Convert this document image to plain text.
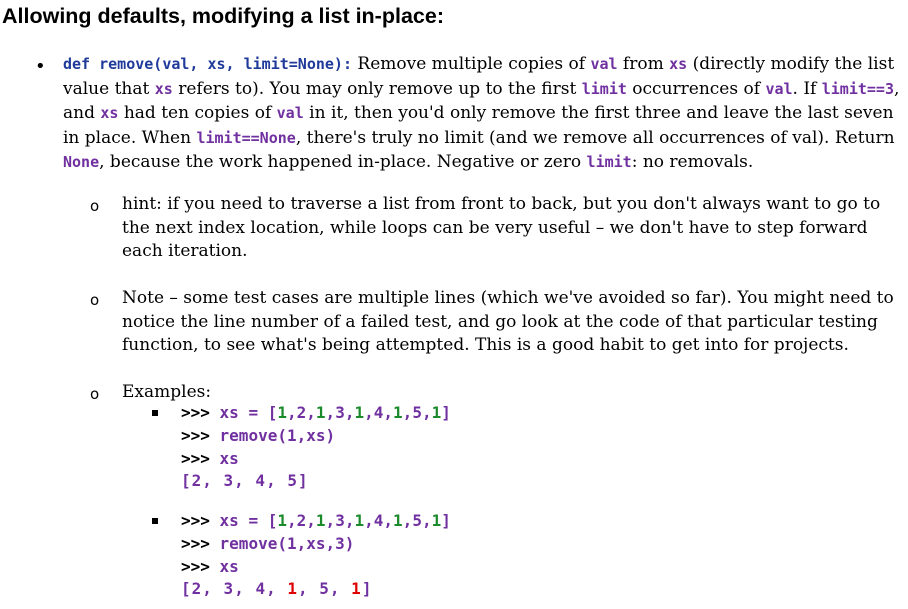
Allowing defaults, modifying a list in-place:
• def remove(val, xs, limit=None): Remove multiple copies of val from xs (directly modify the list value that xs refers to). You may only remove up to the first limit occurrences of val. If limit==3, and xs had ten copies of val in it, then you'd only remove the first three and leave the last seven in place. When limit==None, there's truly no limit (and we remove all occurrences of val). Return None, because the work happened in-place. Negative or zero limit: no removals.
o hint: if you need to traverse a list from front to back, but you don't always want to go to the next index location, while loops can be very useful – we don't have to step forward each iteration.
o Note – some test cases are multiple lines (which we've avoided so far). You might need to notice the line number of a failed test, and go look at the code of that particular testing function, to see what's being attempted. This is a good habit to get into for projects.
o Examples:
>>> xs = [1,2,1,3,1,4,1,5,1]
>>> remove(1,xs)
>>> xs
[2, 3, 4, 5]
>>> xs = [1,2,1,3,1,4,1,5,1]
>>> remove(1,xs,3)
>>> xs
[2, 3, 4, 1, 5, 1]
